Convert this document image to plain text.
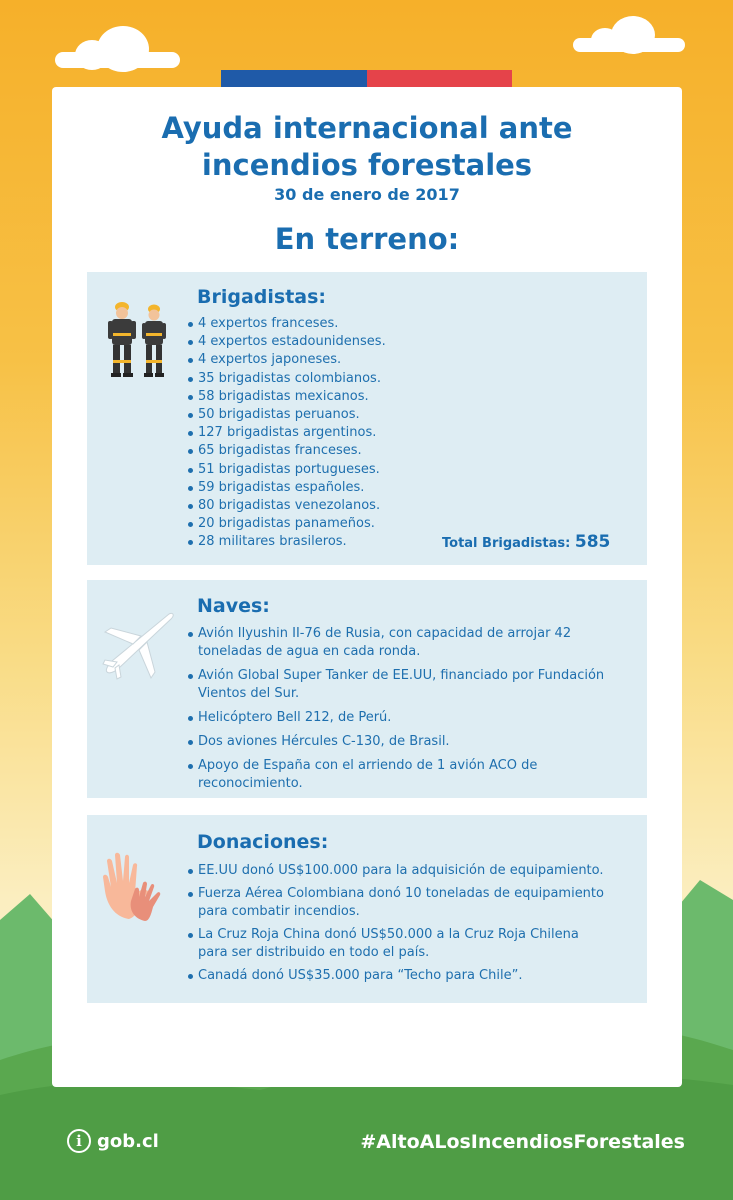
Ayuda internacional ante
incendios forestales
30 de enero de 2017
En terreno:
Brigadistas:
4 expertos franceses.
4 expertos estadounidenses.
4 expertos japoneses.
35 brigadistas colombianos.
58 brigadistas mexicanos.
50 brigadistas peruanos.
127 brigadistas argentinos.
65 brigadistas franceses.
51 brigadistas portugueses.
59 brigadistas españoles.
80 brigadistas venezolanos.
20 brigadistas panameños.
28 militares brasileros.	Total Brigadistas: 585
Naves:
Avión Ilyushin II-76 de Rusia, con capacidad de arrojar 42 toneladas de agua en cada ronda.
Avión Global Super Tanker de EE.UU, financiado por Fundación Vientos del Sur.
Helicóptero Bell 212, de Perú.
Dos aviones Hércules C-130, de Brasil.
Apoyo de España con el arriendo de 1 avión ACO de reconocimiento.
Donaciones:
EE.UU donó US$100.000 para la adquisición de equipamiento.
Fuerza Aérea Colombiana donó 10 toneladas de equipamiento para combatir incendios.
La Cruz Roja China donó US$50.000 a la Cruz Roja Chilena para ser distribuido en todo el país.
Canadá donó US$35.000 para “Techo para Chile”.
i gob.cl	#AltoALosIncendiosForestales
